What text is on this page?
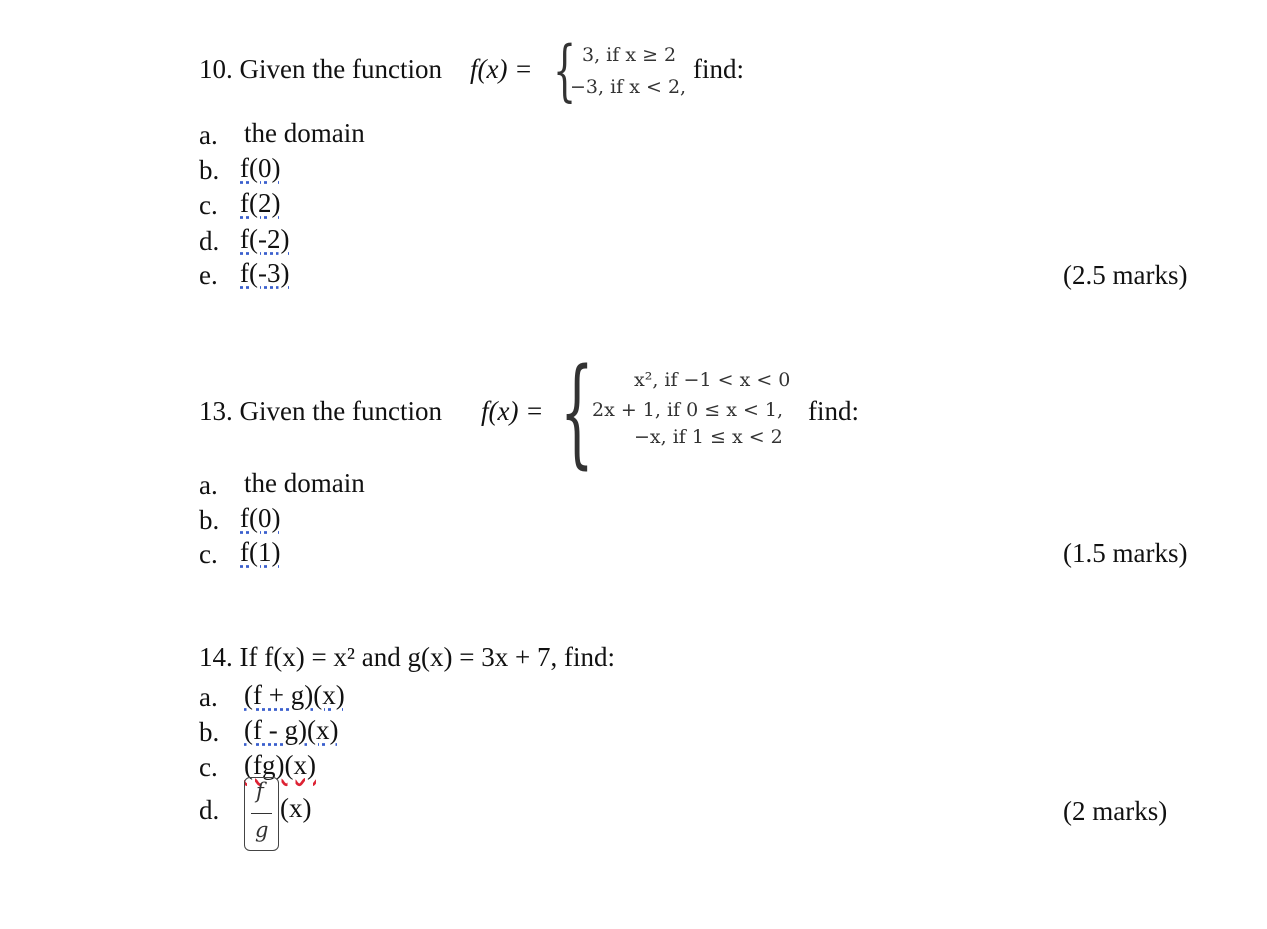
10. Given the function f(x) = { 3, if x ≥ 2
−3, if x < 2,
find:
a. the domain
b. f(0)
c. f(2)
d. f(-2)
e. f(-3)	(2.5 marks)
13. Given the function f(x) = { x², if −1 < x < 0
2x + 1, if 0 ≤ x < 1,
−x, if 1 ≤ x < 2
find:
a. the domain
b. f(0)
c. f(1)	(1.5 marks)
14. If f(x) = x² and g(x) = 3x + 7, find:
a. (f + g)(x)
b. (f - g)(x)
c. (fg)(x)
d.
f
g
(x)	(2 marks)
